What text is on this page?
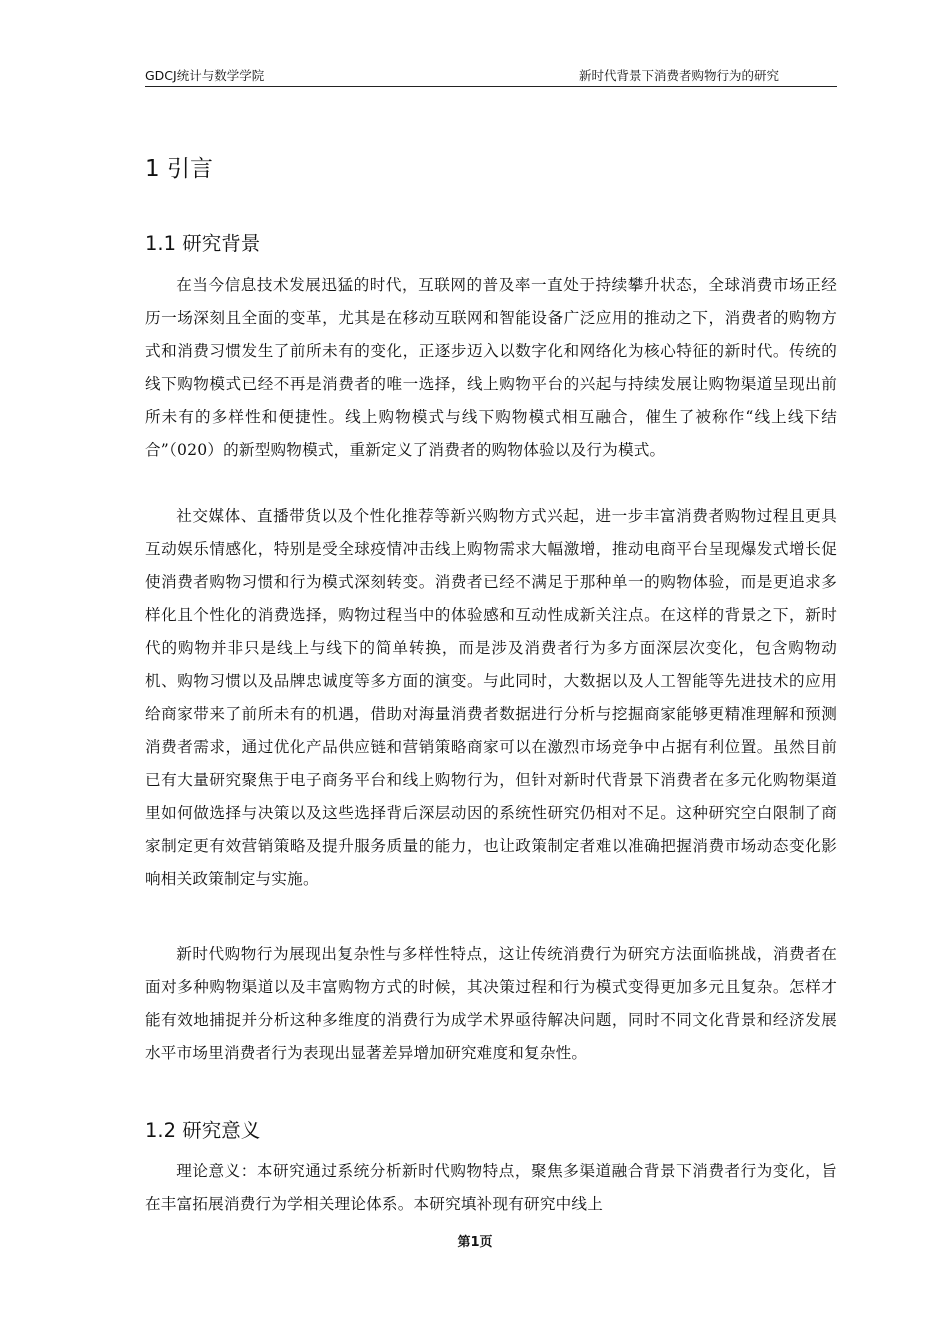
GDCJ统计与数学学院	新时代背景下消费者购物行为的研究
1 引言
1.1 研究背景

在当今信息技术发展迅猛的时代，互联网的普及率一直处于持续攀升状态，全球消费市场正经历一场深刻且全面的变革，尤其是在移动互联网和智能设备广泛应用的推动之下，消费者的购物方式和消费习惯发生了前所未有的变化，正逐步迈入以数字化和网络化为核心特征的新时代。传统的线下购物模式已经不再是消费者的唯一选择，线上购物平台的兴起与持续发展让购物渠道呈现出前所未有的多样性和便捷性。线上购物模式与线下购物模式相互融合，催生了被称作“线上线下结合”（020）的新型购物模式，重新定义了消费者的购物体验以及行为模式。

社交媒体、直播带货以及个性化推荐等新兴购物方式兴起，进一步丰富消费者购物过程且更具互动娱乐情感化，特别是受全球疫情冲击线上购物需求大幅激增，推动电商平台呈现爆发式增长促使消费者购物习惯和行为模式深刻转变。消费者已经不满足于那种单一的购物体验，而是更追求多样化且个性化的消费选择，购物过程当中的体验感和互动性成新关注点。在这样的背景之下，新时代的购物并非只是线上与线下的简单转换，而是涉及消费者行为多方面深层次变化，包含购物动机、购物习惯以及品牌忠诚度等多方面的演变。与此同时，大数据以及人工智能等先进技术的应用给商家带来了前所未有的机遇，借助对海量消费者数据进行分析与挖掘商家能够更精准理解和预测消费者需求，通过优化产品供应链和营销策略商家可以在激烈市场竞争中占据有利位置。虽然目前已有大量研究聚焦于电子商务平台和线上购物行为，但针对新时代背景下消费者在多元化购物渠道里如何做选择与决策以及这些选择背后深层动因的系统性研究仍相对不足。这种研究空白限制了商家制定更有效营销策略及提升服务质量的能力，也让政策制定者难以准确把握消费市场动态变化影响相关政策制定与实施。

新时代购物行为展现出复杂性与多样性特点，这让传统消费行为研究方法面临挑战，消费者在面对多种购物渠道以及丰富购物方式的时候，其决策过程和行为模式变得更加多元且复杂。怎样才能有效地捕捉并分析这种多维度的消费行为成学术界亟待解决问题，同时不同文化背景和经济发展水平市场里消费者行为表现出显著差异增加研究难度和复杂性。

1.2 研究意义

理论意义：本研究通过系统分析新时代购物特点，聚焦多渠道融合背景下消费者行为变化，旨在丰富拓展消费行为学相关理论体系。本研究填补现有研究中线上

第1页
